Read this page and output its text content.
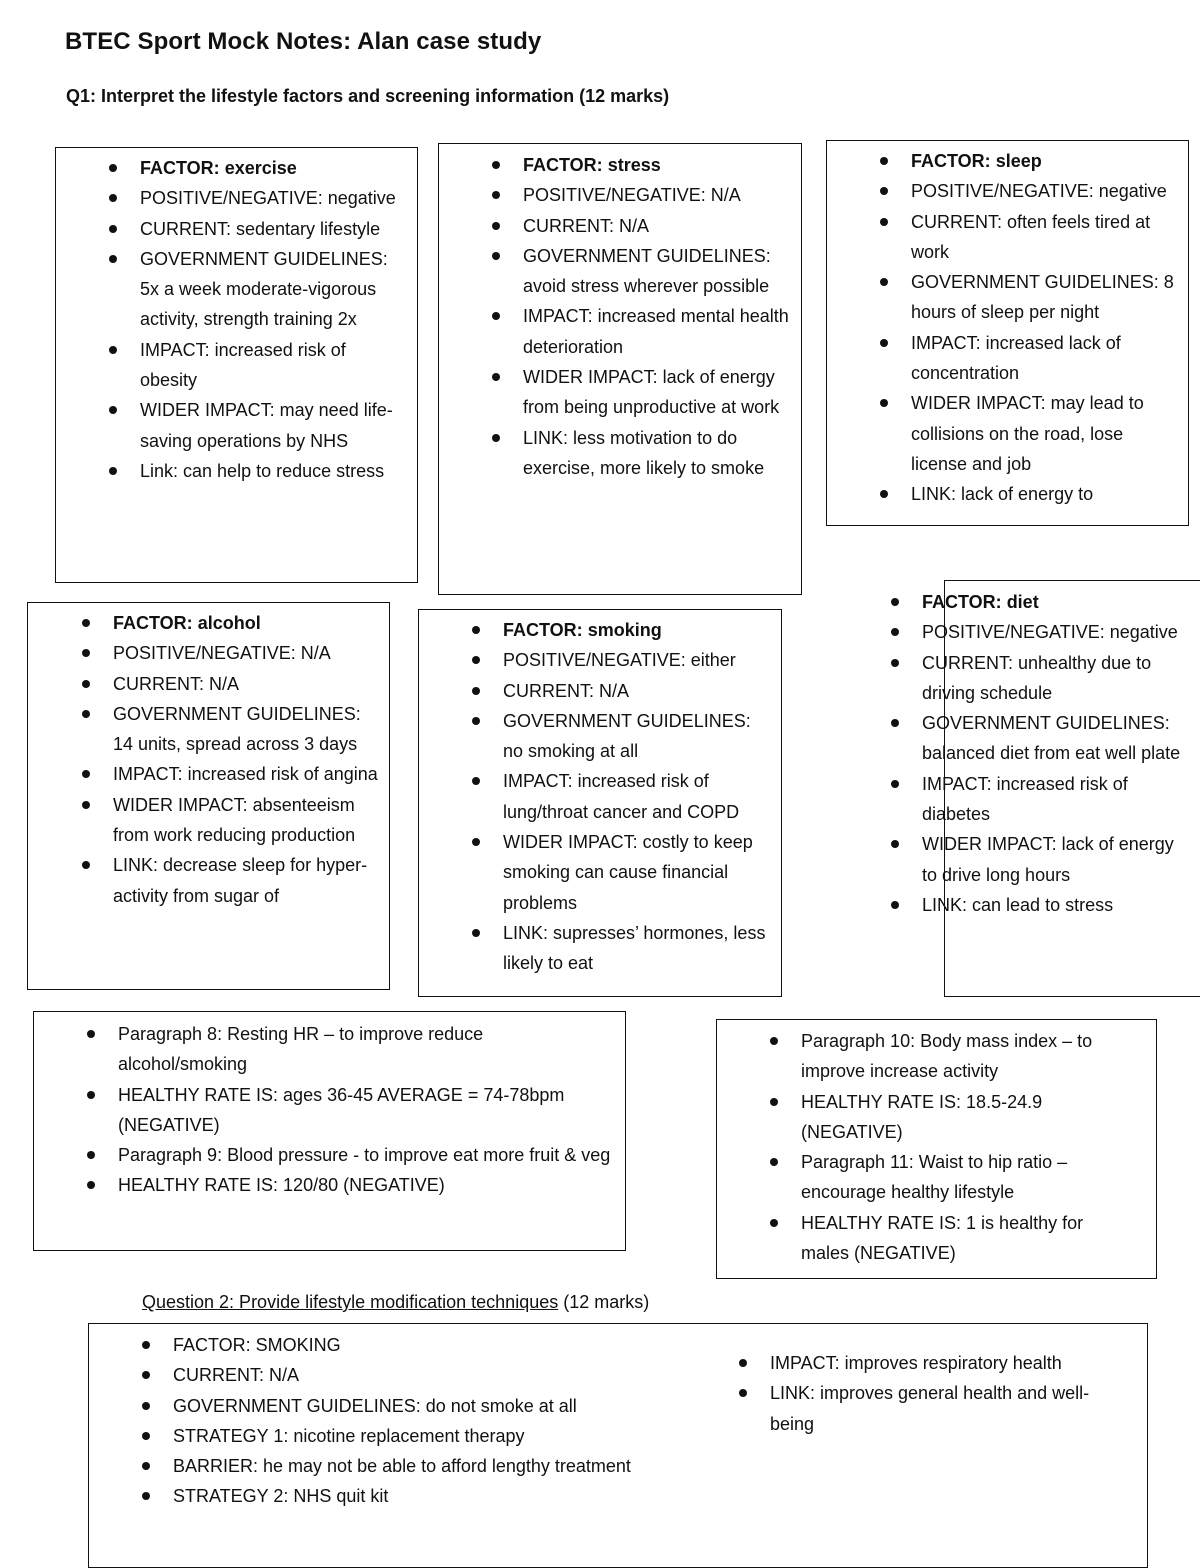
BTEC Sport Mock Notes: Alan case study

Q1: Interpret the lifestyle factors and screening information (12 marks)

FACTOR: exercise
POSITIVE/NEGATIVE: negative
CURRENT: sedentary lifestyle
GOVERNMENT GUIDELINES: 5x a week moderate-vigorous activity, strength training 2x
IMPACT: increased risk of obesity
WIDER IMPACT: may need life-saving operations by NHS
Link: can help to reduce stress
FACTOR: stress
POSITIVE/NEGATIVE: N/A
CURRENT: N/A
GOVERNMENT GUIDELINES: avoid stress wherever possible
IMPACT: increased mental health deterioration
WIDER IMPACT: lack of energy from being unproductive at work
LINK: less motivation to do exercise, more likely to smoke
FACTOR: sleep
POSITIVE/NEGATIVE: negative
CURRENT: often feels tired at work
GOVERNMENT GUIDELINES: 8 hours of sleep per night
IMPACT: increased lack of concentration
WIDER IMPACT: may lead to collisions on the road, lose license and job
LINK: lack of energy to
FACTOR: alcohol
POSITIVE/NEGATIVE: N/A
CURRENT: N/A
GOVERNMENT GUIDELINES: 14 units, spread across 3 days
IMPACT: increased risk of angina
WIDER IMPACT: absenteeism from work reducing production
LINK: decrease sleep for hyper-activity from sugar of
FACTOR: smoking
POSITIVE/NEGATIVE: either
CURRENT: N/A
GOVERNMENT GUIDELINES: no smoking at all
IMPACT: increased risk of lung/throat cancer and COPD
WIDER IMPACT: costly to keep smoking can cause financial problems
LINK: supresses’ hormones, less likely to eat
FACTOR: diet
POSITIVE/NEGATIVE: negative
CURRENT: unhealthy due to driving schedule
GOVERNMENT GUIDELINES: balanced diet from eat well plate
IMPACT: increased risk of diabetes
WIDER IMPACT: lack of energy to drive long hours
LINK: can lead to stress
Paragraph 8: Resting HR – to improve reduce alcohol/smoking
HEALTHY RATE IS: ages 36-45 AVERAGE = 74-78bpm (NEGATIVE)
Paragraph 9: Blood pressure - to improve eat more fruit & veg
HEALTHY RATE IS: 120/80 (NEGATIVE)
Paragraph 10: Body mass index – to improve increase activity
HEALTHY RATE IS: 18.5-24.9 (NEGATIVE)
Paragraph 11: Waist to hip ratio – encourage healthy lifestyle
HEALTHY RATE IS: 1 is healthy for males (NEGATIVE)

Question 2: Provide lifestyle modification techniques (12 marks)

FACTOR: SMOKING
CURRENT: N/A
GOVERNMENT GUIDELINES: do not smoke at all
STRATEGY 1: nicotine replacement therapy
BARRIER: he may not be able to afford lengthy treatment
STRATEGY 2: NHS quit kit
IMPACT: improves respiratory health
LINK: improves general health and well-being
